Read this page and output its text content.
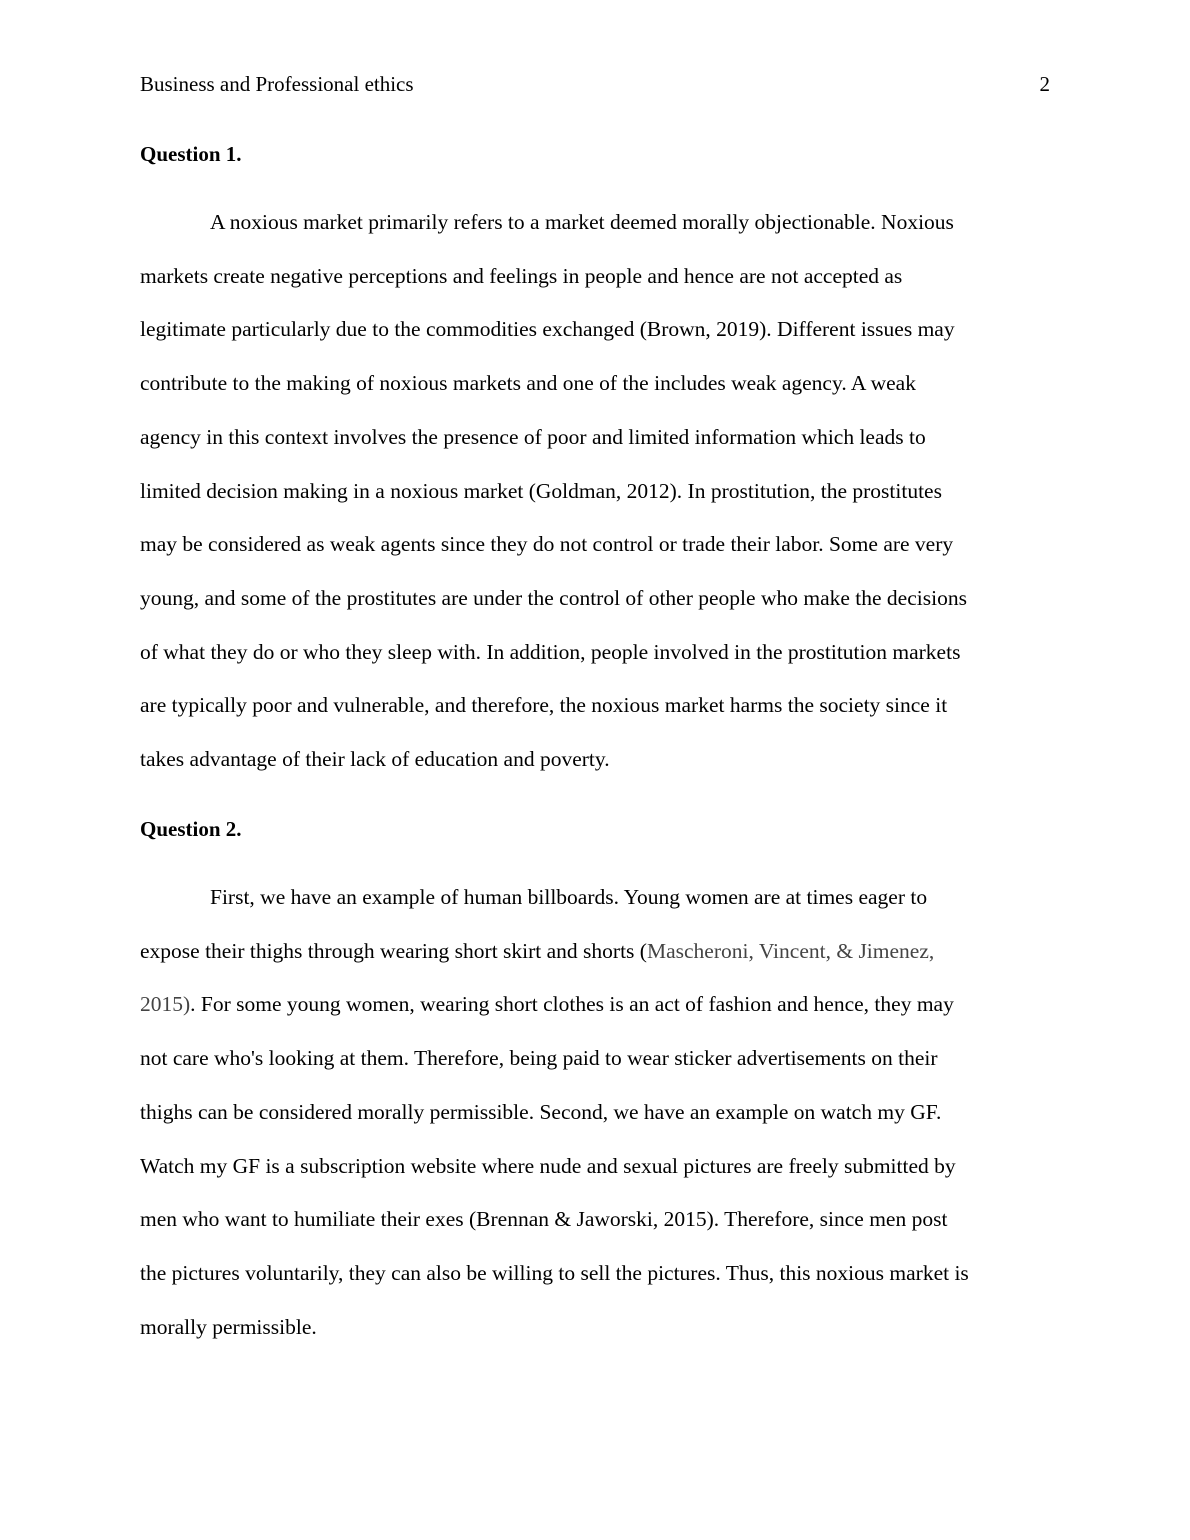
Business and Professional ethics	2
Question 1.

A noxious market primarily refers to a market deemed morally objectionable. Noxious
markets create negative perceptions and feelings in people and hence are not accepted as
legitimate particularly due to the commodities exchanged (Brown, 2019). Different issues may
contribute to the making of noxious markets and one of the includes weak agency. A weak
agency in this context involves the presence of poor and limited information which leads to
limited decision making in a noxious market (Goldman, 2012). In prostitution, the prostitutes
may be considered as weak agents since they do not control or trade their labor. Some are very
young, and some of the prostitutes are under the control of other people who make the decisions
of what they do or who they sleep with. In addition, people involved in the prostitution markets
are typically poor and vulnerable, and therefore, the noxious market harms the society since it
takes advantage of their lack of education and poverty.

Question 2.

First, we have an example of human billboards. Young women are at times eager to
expose their thighs through wearing short skirt and shorts (Mascheroni, Vincent, & Jimenez,
2015). For some young women, wearing short clothes is an act of fashion and hence, they may
not care who's looking at them. Therefore, being paid to wear sticker advertisements on their
thighs can be considered morally permissible. Second, we have an example on watch my GF.
Watch my GF is a subscription website where nude and sexual pictures are freely submitted by
men who want to humiliate their exes (Brennan & Jaworski, 2015). Therefore, since men post
the pictures voluntarily, they can also be willing to sell the pictures. Thus, this noxious market is
morally permissible.
